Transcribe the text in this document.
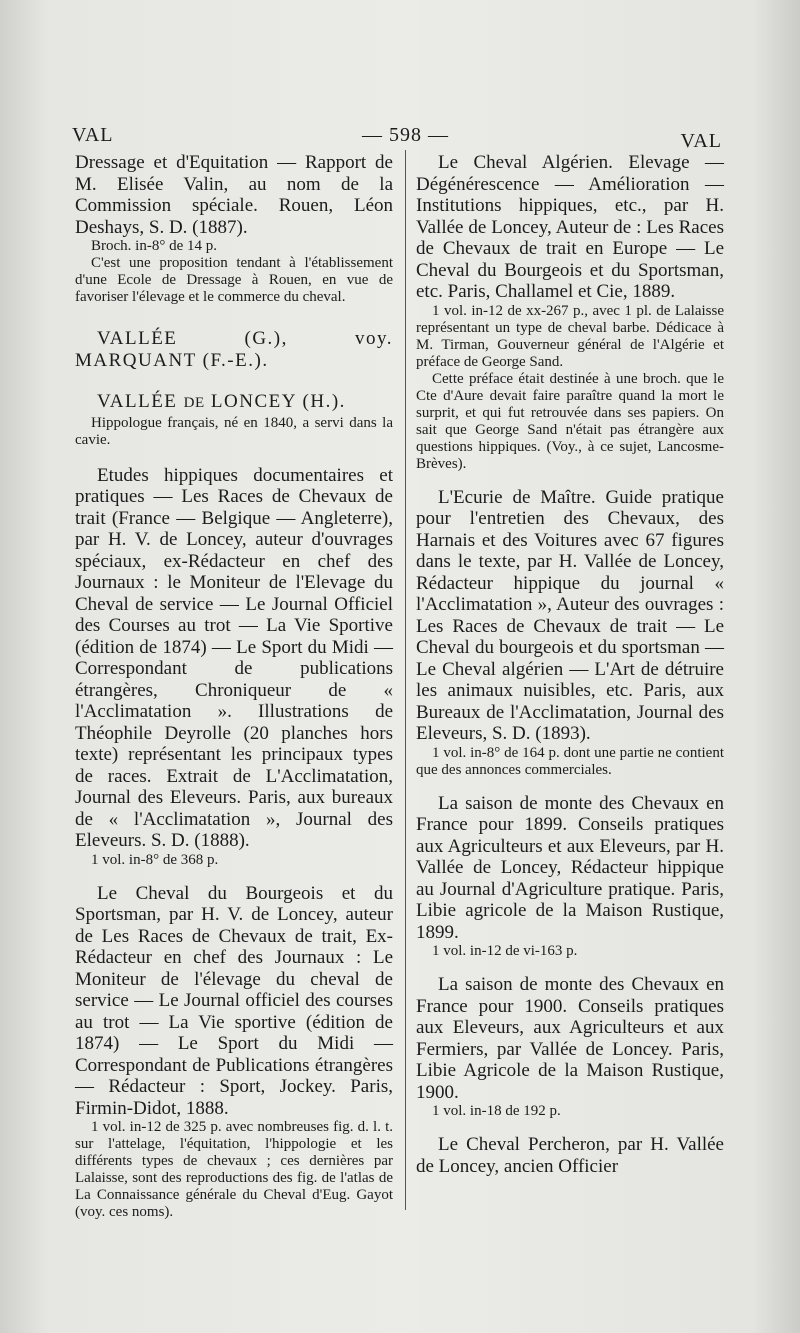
VAL	— 598 —	VAL

Dressage et d'Equitation — Rapport de M. Elisée Valin, au nom de la Commission spéciale. Rouen, Léon Deshays, S. D. (1887).

Broch. in-8° de 14 p.

C'est une proposition tendant à l'établissement d'une Ecole de Dressage à Rouen, en vue de favoriser l'élevage et le commerce du cheval.

VALLÉE (G.), voy. MARQUANT (F.-E.).

VALLÉE DE LONCEY (H.).

Hippologue français, né en 1840, a servi dans la cavie.

Etudes hippiques documentaires et pratiques — Les Races de Chevaux de trait (France — Belgique — Angleterre), par H. V. de Loncey, auteur d'ouvrages spéciaux, ex-Rédacteur en chef des Journaux : le Moniteur de l'Elevage du Cheval de service — Le Journal Officiel des Courses au trot — La Vie Sportive (édition de 1874) — Le Sport du Midi — Correspondant de publications étrangères, Chroniqueur de « l'Acclimatation ». Illustrations de Théophile Deyrolle (20 planches hors texte) représentant les principaux types de races. Extrait de L'Acclimatation, Journal des Eleveurs. Paris, aux bureaux de « l'Acclimatation », Journal des Eleveurs. S. D. (1888).

1 vol. in-8° de 368 p.

Le Cheval du Bourgeois et du Sportsman, par H. V. de Loncey, auteur de Les Races de Chevaux de trait, Ex-Rédacteur en chef des Journaux : Le Moniteur de l'élevage du cheval de service — Le Journal officiel des courses au trot — La Vie sportive (édition de 1874) — Le Sport du Midi — Correspondant de Publications étrangères — Rédacteur : Sport, Jockey. Paris, Firmin-Didot, 1888.

1 vol. in-12 de 325 p. avec nombreuses fig. d. l. t. sur l'attelage, l'équitation, l'hippologie et les différents types de chevaux ; ces dernières par Lalaisse, sont des reproductions des fig. de l'atlas de La Connaissance générale du Cheval d'Eug. Gayot (voy. ces noms).

Le Cheval Algérien. Elevage — Dégénérescence — Amélioration — Institutions hippiques, etc., par H. Vallée de Loncey, Auteur de : Les Races de Chevaux de trait en Europe — Le Cheval du Bourgeois et du Sportsman, etc. Paris, Challamel et Cie, 1889.

1 vol. in-12 de xx-267 p., avec 1 pl. de Lalaisse représentant un type de cheval barbe. Dédicace à M. Tirman, Gouverneur général de l'Algérie et préface de George Sand.

Cette préface était destinée à une broch. que le Cte d'Aure devait faire paraître quand la mort le surprit, et qui fut retrouvée dans ses papiers. On sait que George Sand n'était pas étrangère aux questions hippiques. (Voy., à ce sujet, Lancosme-Brèves).

L'Ecurie de Maître. Guide pratique pour l'entretien des Chevaux, des Harnais et des Voitures avec 67 figures dans le texte, par H. Vallée de Loncey, Rédacteur hippique du journal « l'Acclimatation », Auteur des ouvrages : Les Races de Chevaux de trait — Le Cheval du bourgeois et du sportsman — Le Cheval algérien — L'Art de détruire les animaux nuisibles, etc. Paris, aux Bureaux de l'Acclimatation, Journal des Eleveurs, S. D. (1893).

1 vol. in-8° de 164 p. dont une partie ne contient que des annonces commerciales.

La saison de monte des Chevaux en France pour 1899. Conseils pratiques aux Agriculteurs et aux Eleveurs, par H. Vallée de Loncey, Rédacteur hippique au Journal d'Agriculture pratique. Paris, Libie agricole de la Maison Rustique, 1899.

1 vol. in-12 de vi-163 p.

La saison de monte des Chevaux en France pour 1900. Conseils pratiques aux Eleveurs, aux Agriculteurs et aux Fermiers, par Vallée de Loncey. Paris, Libie Agricole de la Maison Rustique, 1900.

1 vol. in-18 de 192 p.

Le Cheval Percheron, par H. Vallée de Loncey, ancien Officier
